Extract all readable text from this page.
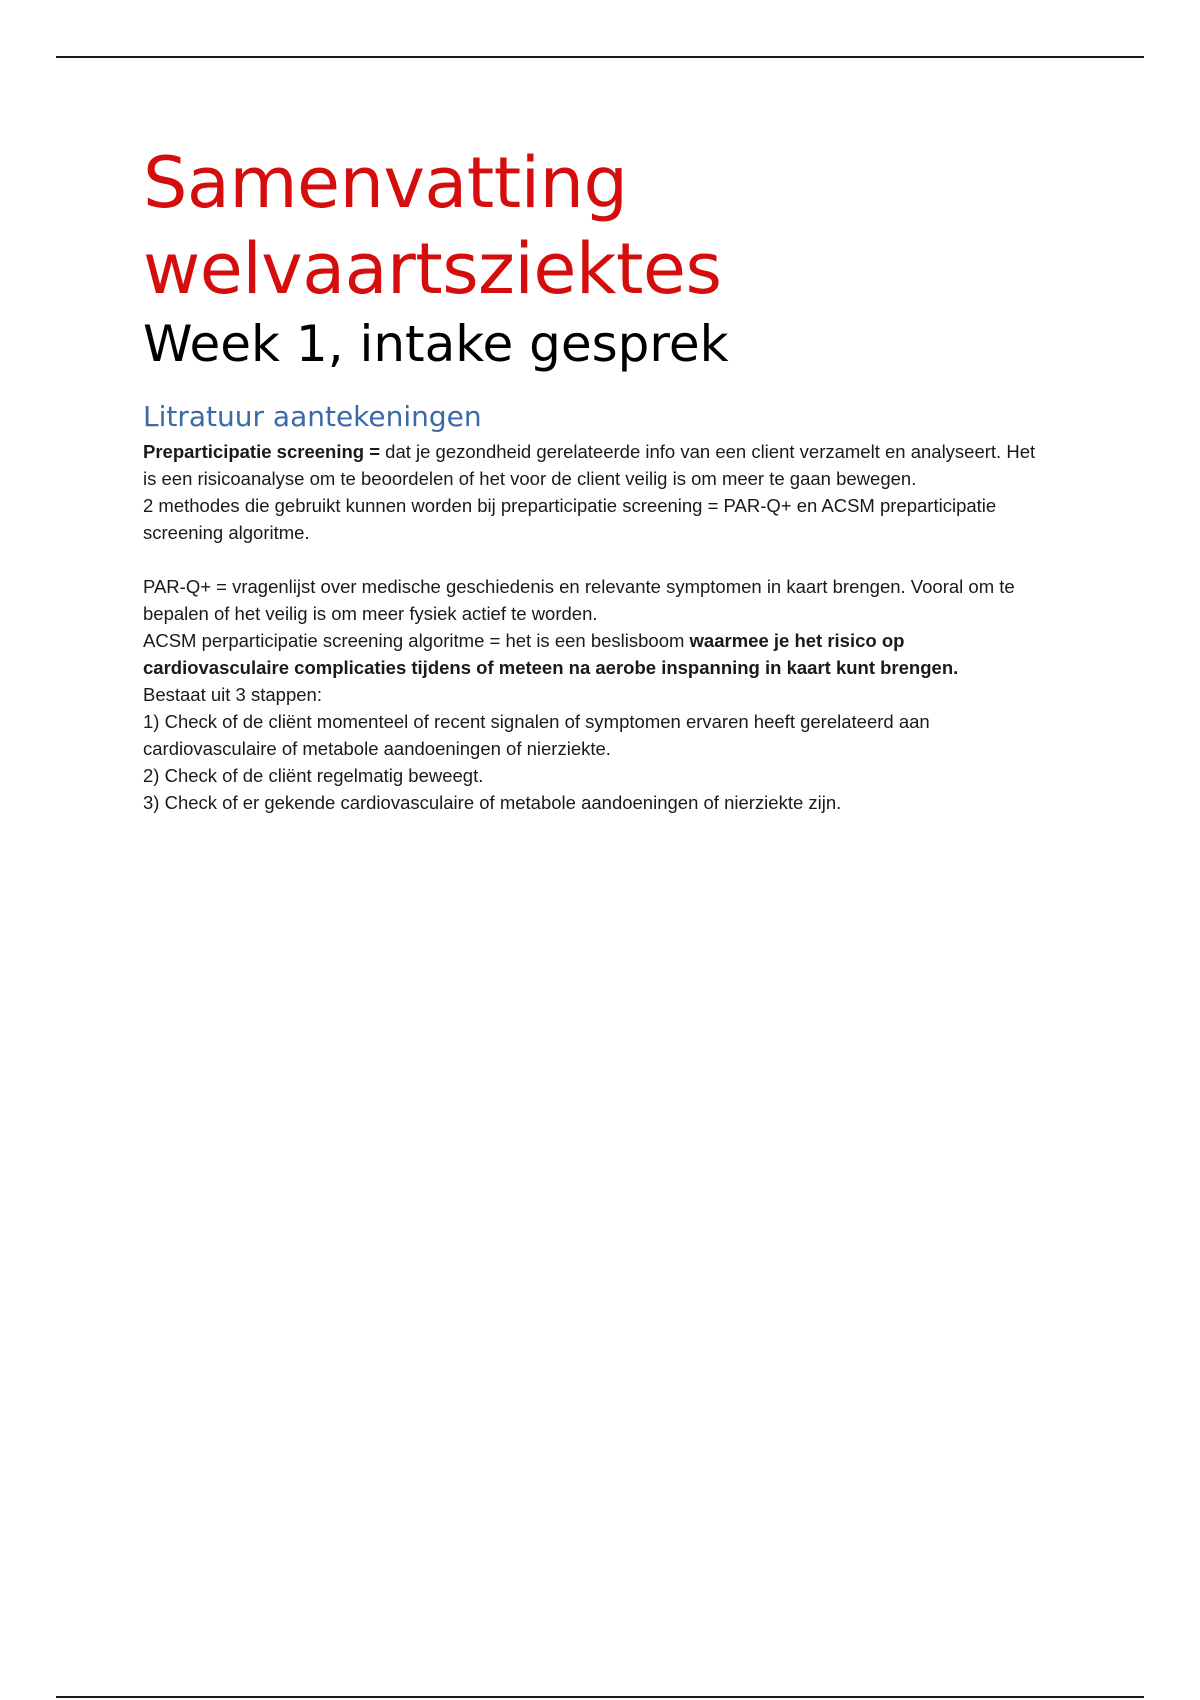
Samenvatting
welvaartsziektes
Week 1, intake gesprek
Litratuur aantekeningen

Preparticipatie screening = dat je gezondheid gerelateerde info van een client verzamelt en analyseert. Het is een risicoanalyse om te beoordelen of het voor de client veilig is om meer te gaan bewegen.

2 methodes die gebruikt kunnen worden bij preparticipatie screening = PAR-Q+ en ACSM preparticipatie screening algoritme.

PAR-Q+ = vragenlijst over medische geschiedenis en relevante symptomen in kaart brengen. Vooral om te bepalen of het veilig is om meer fysiek actief te worden.

ACSM perparticipatie screening algoritme = het is een beslisboom waarmee je het risico op cardiovasculaire complicaties tijdens of meteen na aerobe inspanning in kaart kunt brengen.

Bestaat uit 3 stappen:

1) Check of de cliënt momenteel of recent signalen of symptomen ervaren heeft gerelateerd aan cardiovasculaire of metabole aandoeningen of nierziekte.

2) Check of de cliënt regelmatig beweegt.

3) Check of er gekende cardiovasculaire of metabole aandoeningen of nierziekte zijn.
